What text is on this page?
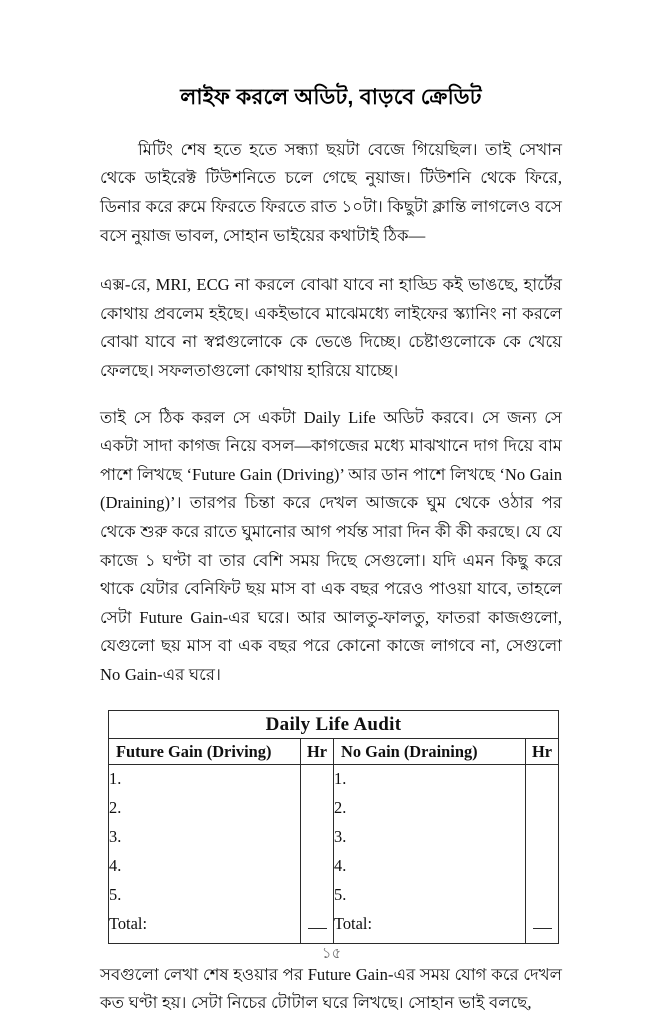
লাইফ করলে অডিট, বাড়বে ক্রেডিট

মিটিং শেষ হতে হতে সন্ধ্যা ছয়টা বেজে গিয়েছিল। তাই সেখান থেকে ডাইরেক্ট টিউশনিতে চলে গেছে নুয়াজ। টিউশনি থেকে ফিরে, ডিনার করে রুমে ফিরতে ফিরতে রাত ১০টা। কিছুটা ক্লান্তি লাগলেও বসে বসে নুয়াজ ভাবল, সোহান ভাইয়ের কথাটাই ঠিক—

এক্স-রে, MRI, ECG না করলে বোঝা যাবে না হাড্ডি কই ভাঙছে, হার্টের কোথায় প্রবলেম হইছে। একইভাবে মাঝেমধ্যে লাইফের স্ক্যানিং না করলে বোঝা যাবে না স্বপ্নগুলোকে কে ভেঙে দিচ্ছে। চেষ্টাগুলোকে কে খেয়ে ফেলছে। সফলতাগুলো কোথায় হারিয়ে যাচ্ছে।

তাই সে ঠিক করল সে একটা Daily Life অডিট করবে। সে জন্য সে একটা সাদা কাগজ নিয়ে বসল—কাগজের মধ্যে মাঝখানে দাগ দিয়ে বাম পাশে লিখছে ‘Future Gain (Driving)’ আর ডান পাশে লিখছে ‘No Gain (Draining)’। তারপর চিন্তা করে দেখল আজকে ঘুম থেকে ওঠার পর থেকে শুরু করে রাতে ঘুমানোর আগ পর্যন্ত সারা দিন কী কী করছে। যে যে কাজে ১ ঘণ্টা বা তার বেশি সময় দিছে সেগুলো। যদি এমন কিছু করে থাকে যেটার বেনিফিট ছয় মাস বা এক বছর পরেও পাওয়া যাবে, তাহলে সেটা Future Gain-এর ঘরে। আর আলতু-ফালতু, ফাতরা কাজগুলো, যেগুলো ছয় মাস বা এক বছর পরে কোনো কাজে লাগবে না, সেগুলো No Gain-এর ঘরে।

Daily Life Audit			
Future Gain (Driving)	Hr	No Gain (Draining)	Hr
1.		1.	
2.		2.	
3.		3.	
4.		4.	
5.		5.	
Total:		Total:	

সবগুলো লেখা শেষ হওয়ার পর Future Gain-এর সময় যোগ করে দেখল কত ঘণ্টা হয়। সেটা নিচের টোটাল ঘরে লিখছে। সোহান ভাই বলছে,

১৫
